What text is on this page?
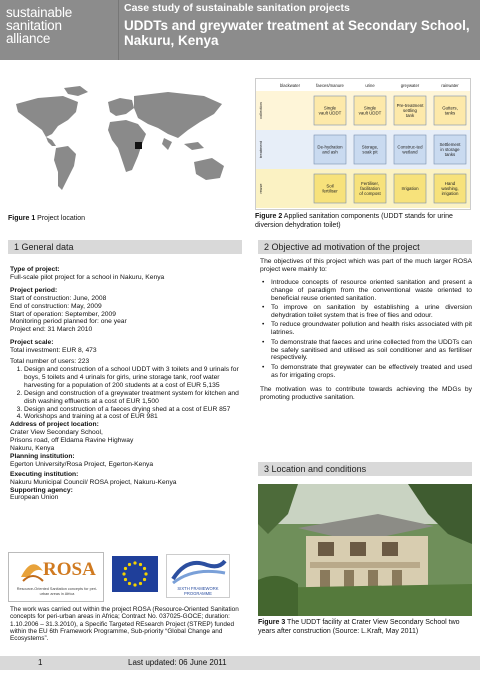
sustainable
sanitation
alliance
Case study of sustainable sanitation projects
UDDTs and greywater treatment at Secondary School, Nakuru, Kenya
Figure 1 Project location
blackwater	faeces/manure	urine	greywater	rainwater
collection
treatment
reuse
Single
vault UDDT
Single
vault UDDT
Pre-treatment
settling
tank
Gutters,
tanks
De-hydration
and ash
Storage,
soak pit
Construc-ted
wetland
Settlement
in storage
tanks
Soil
fertiliser
Fertiliser,
facilitation
of compost
Irrigation
Hand
washing,
irrigation
Figure 2 Applied sanitation components (UDDT stands for urine diversion dehydration toilet)
1 General data

Type of project:

Full-scale pilot project for a school in Nakuru, Kenya

Project period:

Start of construction: June, 2008

End of construction: May, 2009

Start of operation: September, 2009

Monitoring period planned for: one year

Project end: 31 March 2010

Project scale:

Total investment: EUR 8, 473

Total number of users: 223

1. Design and construction of a school UDDT with 3 toilets and 9 urinals for boys, 5 toilets and 4 urinals for girls, urine storage tank, roof water harvesting for a population of 200 students at a cost of EUR 5,135
2. Design and construction of a greywater treatment system for kitchen and dish washing effluents at a cost of EUR 1,500
3. Design and construction of a faeces drying shed at a cost of EUR 857
4. Workshops and training at a cost of EUR 981

Address of project location:

Crater View Secondary School,

Prisons road, off Eldama Ravine Highway

Nakuru, Kenya

Planning institution:

Egerton University/Rosa Project, Egerton-Kenya

Executing institution:

Nakuru Municipal Council/ ROSA project, Nakuru-Kenya

Supporting agency:

European Union

ROSA
Resource-Oriented Sanitation concepts for peri-urban areas in Africa
SIXTH FRAMEWORK PROGRAMME
The work was carried out within the project ROSA (Resource-Oriented Sanitation concepts for peri-urban areas in Africa; Contract No. 037025-GOCE; duration: 1.10.2006 – 31.3.2010), a Specific Targeted REsearch Project (STREP) funded within the EU 6th Framework Programme, Sub-priority “Global Change and Ecosystems”.
2 Objective ad motivation of the project

The objectives of this project which was part of the much larger ROSA project were mainly to:

• Introduce concepts of resource oriented sanitation and present a change of paradigm from the conventional waste oriented to beneficial reuse oriented sanitation.
• To improve on sanitation by establishing a urine diversion dehydration toilet system that is free of flies and odour.
• To reduce groundwater pollution and health risks associated with pit latrines.
• To demonstrate that faeces and urine collected from the UDDTs can be safely sanitised and utilised as soil conditioner and as fertiliser respectively.
• To demonstrate that greywater can be effectively treated and used as for irrigating crops.

The motivation was to contribute towards achieving the MDGs by promoting productive sanitation.

3 Location and conditions
Figure 3 The UDDT facility at Crater View Secondary School two years after construction (Source: L.Kraft, May 2011)
1	Last updated: 06 June 2011
